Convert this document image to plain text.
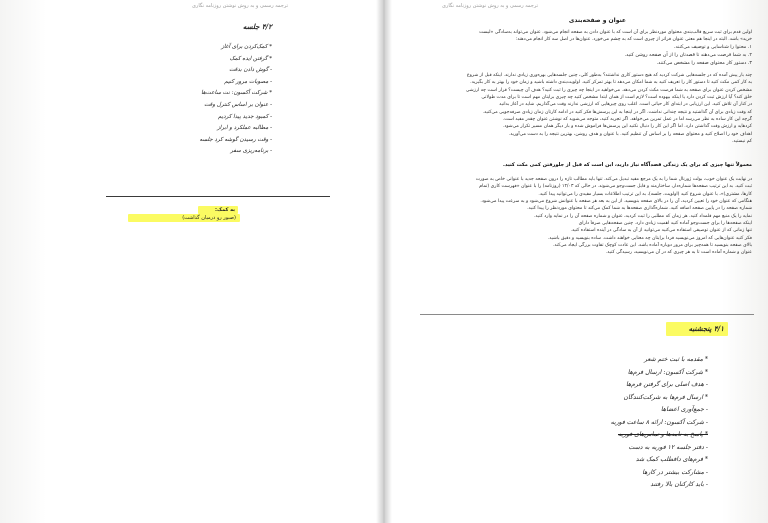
ترجمه رسمی و به روش نوشتن روزنامه نگاری
۴/۲ جلسه
* کمک‌کردن برای آغاز
* گرفتن ایده کمک
- گوش دادن بدقت
- مصوبات مرور کنیم
* شرکت آکسون: نت ساعت‌ها
- عنوان بر اساس کنترل وقت
- کمبود جدید پیدا کردیم
- مطالبه عملکرد و ابراز
- وقت رسیدن گوشه کرد جلسه
- برنامه‌ریزی سفر
به کمک:
(صبور رو درمیان گذاشت)
ترجمه رسمی و به روش نوشتن روزنامه نگاری
عنوان و صفحه‌بندی
اولین قدم برای ثبت سریع قالب‌بندی محتوای موردنظر برای آن است که با عنوان دادن به صفحه انجام می‌شود. عنوان می‌تواند به‌سادگی «لیست
خرید» باشد. البته در اینجا هم معنی عنوان فراتر از چیزی است که به چشم می‌خورد. عنوان‌ها در اصل سه کار انجام می‌دهند:
۱. محتوا را شناسایی و توصیف می‌کنند.
۲. به شما فرصت می‌دهند تا قصدتان را از آن صفحه روشن کنید.
۳. دستور کار محتوای صفحه را مشخص می‌کنند.
چند بار پیش آمده که در جلسه‌هایی شرکت کردید که هیچ دستور کاری نداشتند؟ به‌طور کلی، چنین جلسه‌هایی بهره‌وری زیادی ندارند. اینکه قبل از شروع
به کار کمی مکث کنید تا دستور کار را تعریف کنید به شما امکان می‌دهد تا بهتر تمرکز کنید. اولویت‌بندی داشته باشید و زمان خود را بهتر به کار بگیرید.
مشخص کردن عنوان برای صفحه به شما فرصت مکث کردن می‌دهد. می‌خواهید در اینجا چه چیزی را ثبت کنید؟ هدف آن چیست؟ قرار است چه ارزشی
خلق کند؟ آیا ارزش ثبت کردن دارد یا اینکه بیهوده است؟ لازم است از همان ابتدا مشخص کنید چه چیزی برایتان مهم است تا برای مدت طولانی
در کنار آن تلاش کنید. این ارزیابی در ابتدای کار حیاتی است. اغلب روی چیزهایی که ارزشی ندارند وقت می‌گذاریم. شاید در آغاز بدانید
که وقت زیادی برای آن گذاشتید و نتیجه چندانی نداشت. اگر در اینجا به این پرسش‌ها فکر کنید در ادامه کارتان زمان زیادی صرفه‌جویی می‌کنید.
گرچه این کار ساده به نظر می‌رسد اما در عمل تمرین می‌خواهد. اگر تجربه کنید، متوجه می‌شوید که نوشتن عنوان چقدر مفید است.
کردهاید و ارزش وقت گذاشتن دارد. اما اگر این کار را دنبال نکنید این پرسش‌ها فراموش شده و بار دیگر همان مسیر تکرار می‌شود.
اهداف خود را اصلاح کنید و محتوای صفحه را بر اساس آن تنظیم کنید. با عنوان و هدف روشن، بهترین نتیجه را به دست می‌آورید.
کم نیستید.
معمولاً تنها چیزی که برای یک زندگی قصدآگاه نیاز دارید، این است که قبل از جلورفتن کمی مکث کنید.
در نهایت یک عنوان خوب، بولت ژورنال شما را به یک مرجع مفید تبدیل می‌کند. تنها باید مطالب تازه را درون صفحه جدید با عنوانی خاص به صورت
ثبت کنید. به این ترتیب صفحه‌ها شماره‌دار، ساختارمند و قابل جست‌وجو می‌شوند. در حالی که ۱۲/۰۳ (روزنامه) را با عنوان «فهرست کاری (تمام
کارها، مشتری)»، با عنوان شروع کنید (اولویت، جلسه)، به این ترتیب اطلاعات بسیار مفیدی را می‌توانید پیدا کنید.
هنگامی که عنوان خود را تعیین کردید، آن را در بالای صفحه بنویسید. از این به بعد هر صفحه با عنوانش شروع می‌شود و به سرعت پیدا می‌شود.
شماره صفحه را در پایین صفحه اضافه کنید. شماره‌گذاری صفحه‌ها به شما کمک می‌کند تا محتوای موردنظر را پیدا کنید.
نمایه را یک منبع مهم قلمداد کنید. هر زمان که مطلبی را ثبت کردید، عنوان و شماره صفحه آن را در نمایه وارد کنید.
اینکه صفحه‌ها را برای جست‌وجو آماده کنید اهمیت زیادی دارد. چنین صفحه‌هایی صرفاً دارای
تنها زمانی که از عنوان توصیفی استفاده می‌کنید می‌توانید از آن به سادگی در آینده استفاده کنید.
فکر کنید عنوان‌هایی که امروز می‌نویسید فردا برایتان چه معنایی خواهند داشت. ساده بنویسید و دقیق باشید.
بالای صفحه بنویسید تا همه‌چیز برای مرور دوباره آماده باشد. این عادت کوچک تفاوت بزرگی ایجاد می‌کند.
عنوان و شماره آماده است تا به هر چیزی که در آن می‌نویسید، رسیدگی کنید.
۴/۱ پنجشنبه
* مقدمه با ثبت ختم شعر
* شرکت آکسون: ارسال فرم‌ها
- هدف اصلی برای گرفتن فرم‌ها
* ارسال فرم‌ها به شرکت‌کنندگان
- جمع‌آوری اعضاها
- شرکت آکسون: ارائه ۸ ساعت فوریه
* پاسخ به نامه‌ها و تماس‌های فوریه
- دفتر جلسه ۱۲ فوریه به دست
* فرم‌های دافطلب کمک شد
- مشارکت بیشتر در کارها
- باید کارکنان بالا رفتند
